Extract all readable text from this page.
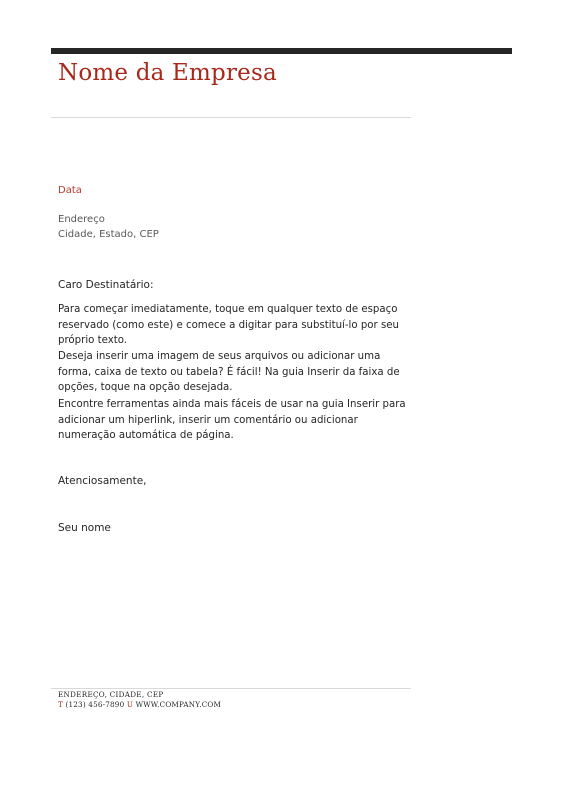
Nome da Empresa
Data
Endereço
Cidade, Estado, CEP
Caro Destinatário:
Para começar imediatamente, toque em qualquer texto de espaço reservado (como este) e comece a digitar para substituí-lo por seu próprio texto.
Deseja inserir uma imagem de seus arquivos ou adicionar uma forma, caixa de texto ou tabela? É fácil! Na guia Inserir da faixa de opções, toque na opção desejada.
Encontre ferramentas ainda mais fáceis de usar na guia Inserir para adicionar um hiperlink, inserir um comentário ou adicionar numeração automática de página.
Atenciosamente,
Seu nome
ENDEREÇO, CIDADE, CEP
T (123) 456-7890 U WWW.COMPANY.COM
